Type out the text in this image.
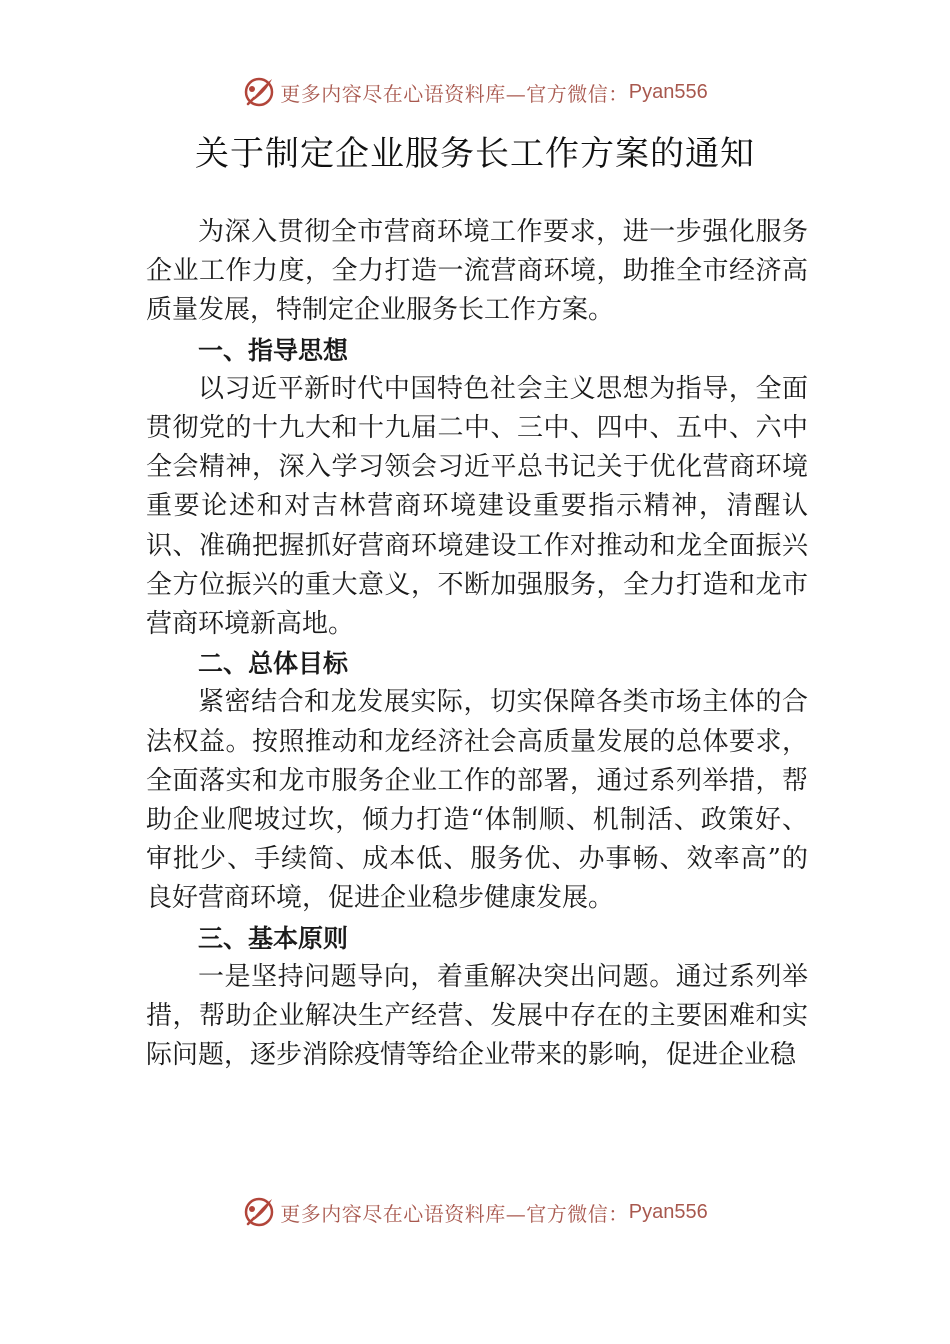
更多内容尽在心语资料库—官方微信： Pyan556
关于制定企业服务长工作方案的通知

为深入贯彻全市营商环境工作要求，进一步强化服务企业工作力度，全力打造一流营商环境，助推全市经济高质量发展，特制定企业服务长工作方案。

一、指导思想

以习近平新时代中国特色社会主义思想为指导，全面贯彻党的十九大和十九届二中、三中、四中、五中、六中全会精神，深入学习领会习近平总书记关于优化营商环境重要论述和对吉林营商环境建设重要指示精神，清醒认识、准确把握抓好营商环境建设工作对推动和龙全面振兴全方位振兴的重大意义，不断加强服务，全力打造和龙市营商环境新高地。

二、总体目标

紧密结合和龙发展实际，切实保障各类市场主体的合法权益。按照推动和龙经济社会高质量发展的总体要求，全面落实和龙市服务企业工作的部署，通过系列举措，帮助企业爬坡过坎，倾力打造“体制顺、机制活、政策好、审批少、手续简、成本低、服务优、办事畅、效率高”的良好营商环境，促进企业稳步健康发展。

三、基本原则

一是坚持问题导向，着重解决突出问题。通过系列举措，帮助企业解决生产经营、发展中存在的主要困难和实际问题，逐步消除疫情等给企业带来的影响，促进企业稳

更多内容尽在心语资料库—官方微信： Pyan556
